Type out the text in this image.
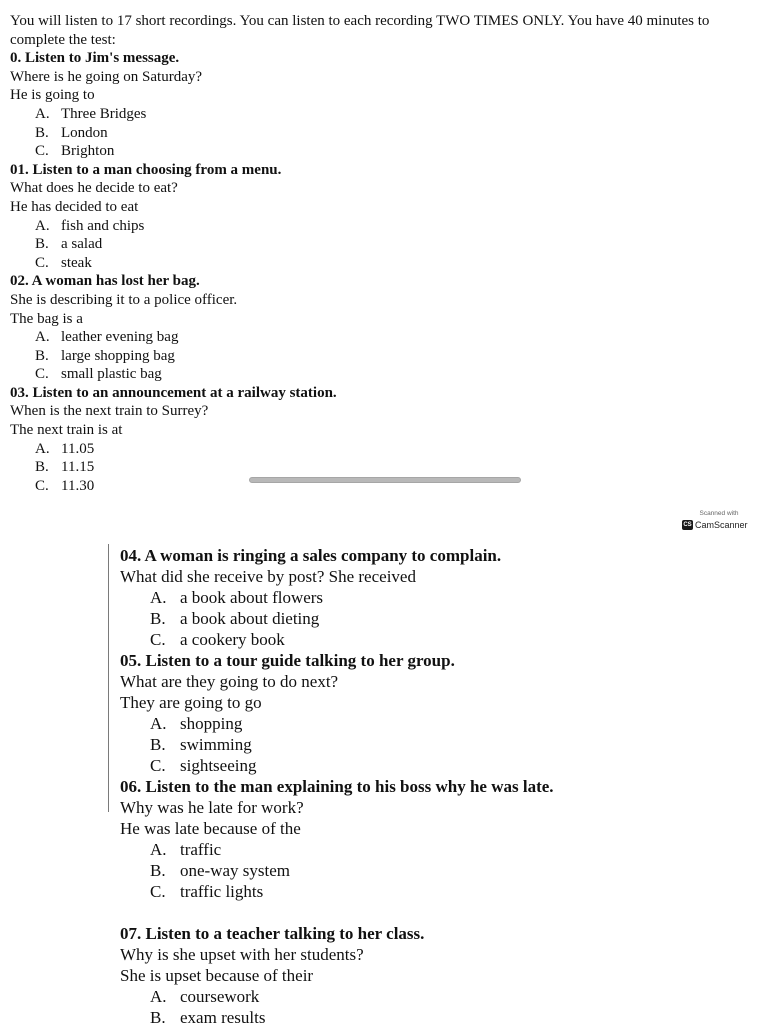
You will listen to 17 short recordings. You can listen to each recording TWO TIMES ONLY. You have 40 minutes to complete the test:
0. Listen to Jim's message.
Where is he going on Saturday?
He is going to
A. Three Bridges
B. London
C. Brighton
01. Listen to a man choosing from a menu.
What does he decide to eat?
He has decided to eat
A. fish and chips
B. a salad
C. steak
02. A woman has lost her bag.
She is describing it to a police officer.
The bag is a
A. leather evening bag
B. large shopping bag
C. small plastic bag
03. Listen to an announcement at a railway station.
When is the next train to Surrey?
The next train is at
A. 11.05
B. 11.15
C. 11.30
Scanned with
CS CamScanner
04. A woman is ringing a sales company to complain.
What did she receive by post? She received
A. a book about flowers
B. a book about dieting
C. a cookery book
05. Listen to a tour guide talking to her group.
What are they going to do next?
They are going to go
A. shopping
B. swimming
C. sightseeing
06. Listen to the man explaining to his boss why he was late.
Why was he late for work?
He was late because of the
A. traffic
B. one-way system
C. traffic lights
07. Listen to a teacher talking to her class.
Why is she upset with her students?
She is upset because of their
A. coursework
B. exam results
